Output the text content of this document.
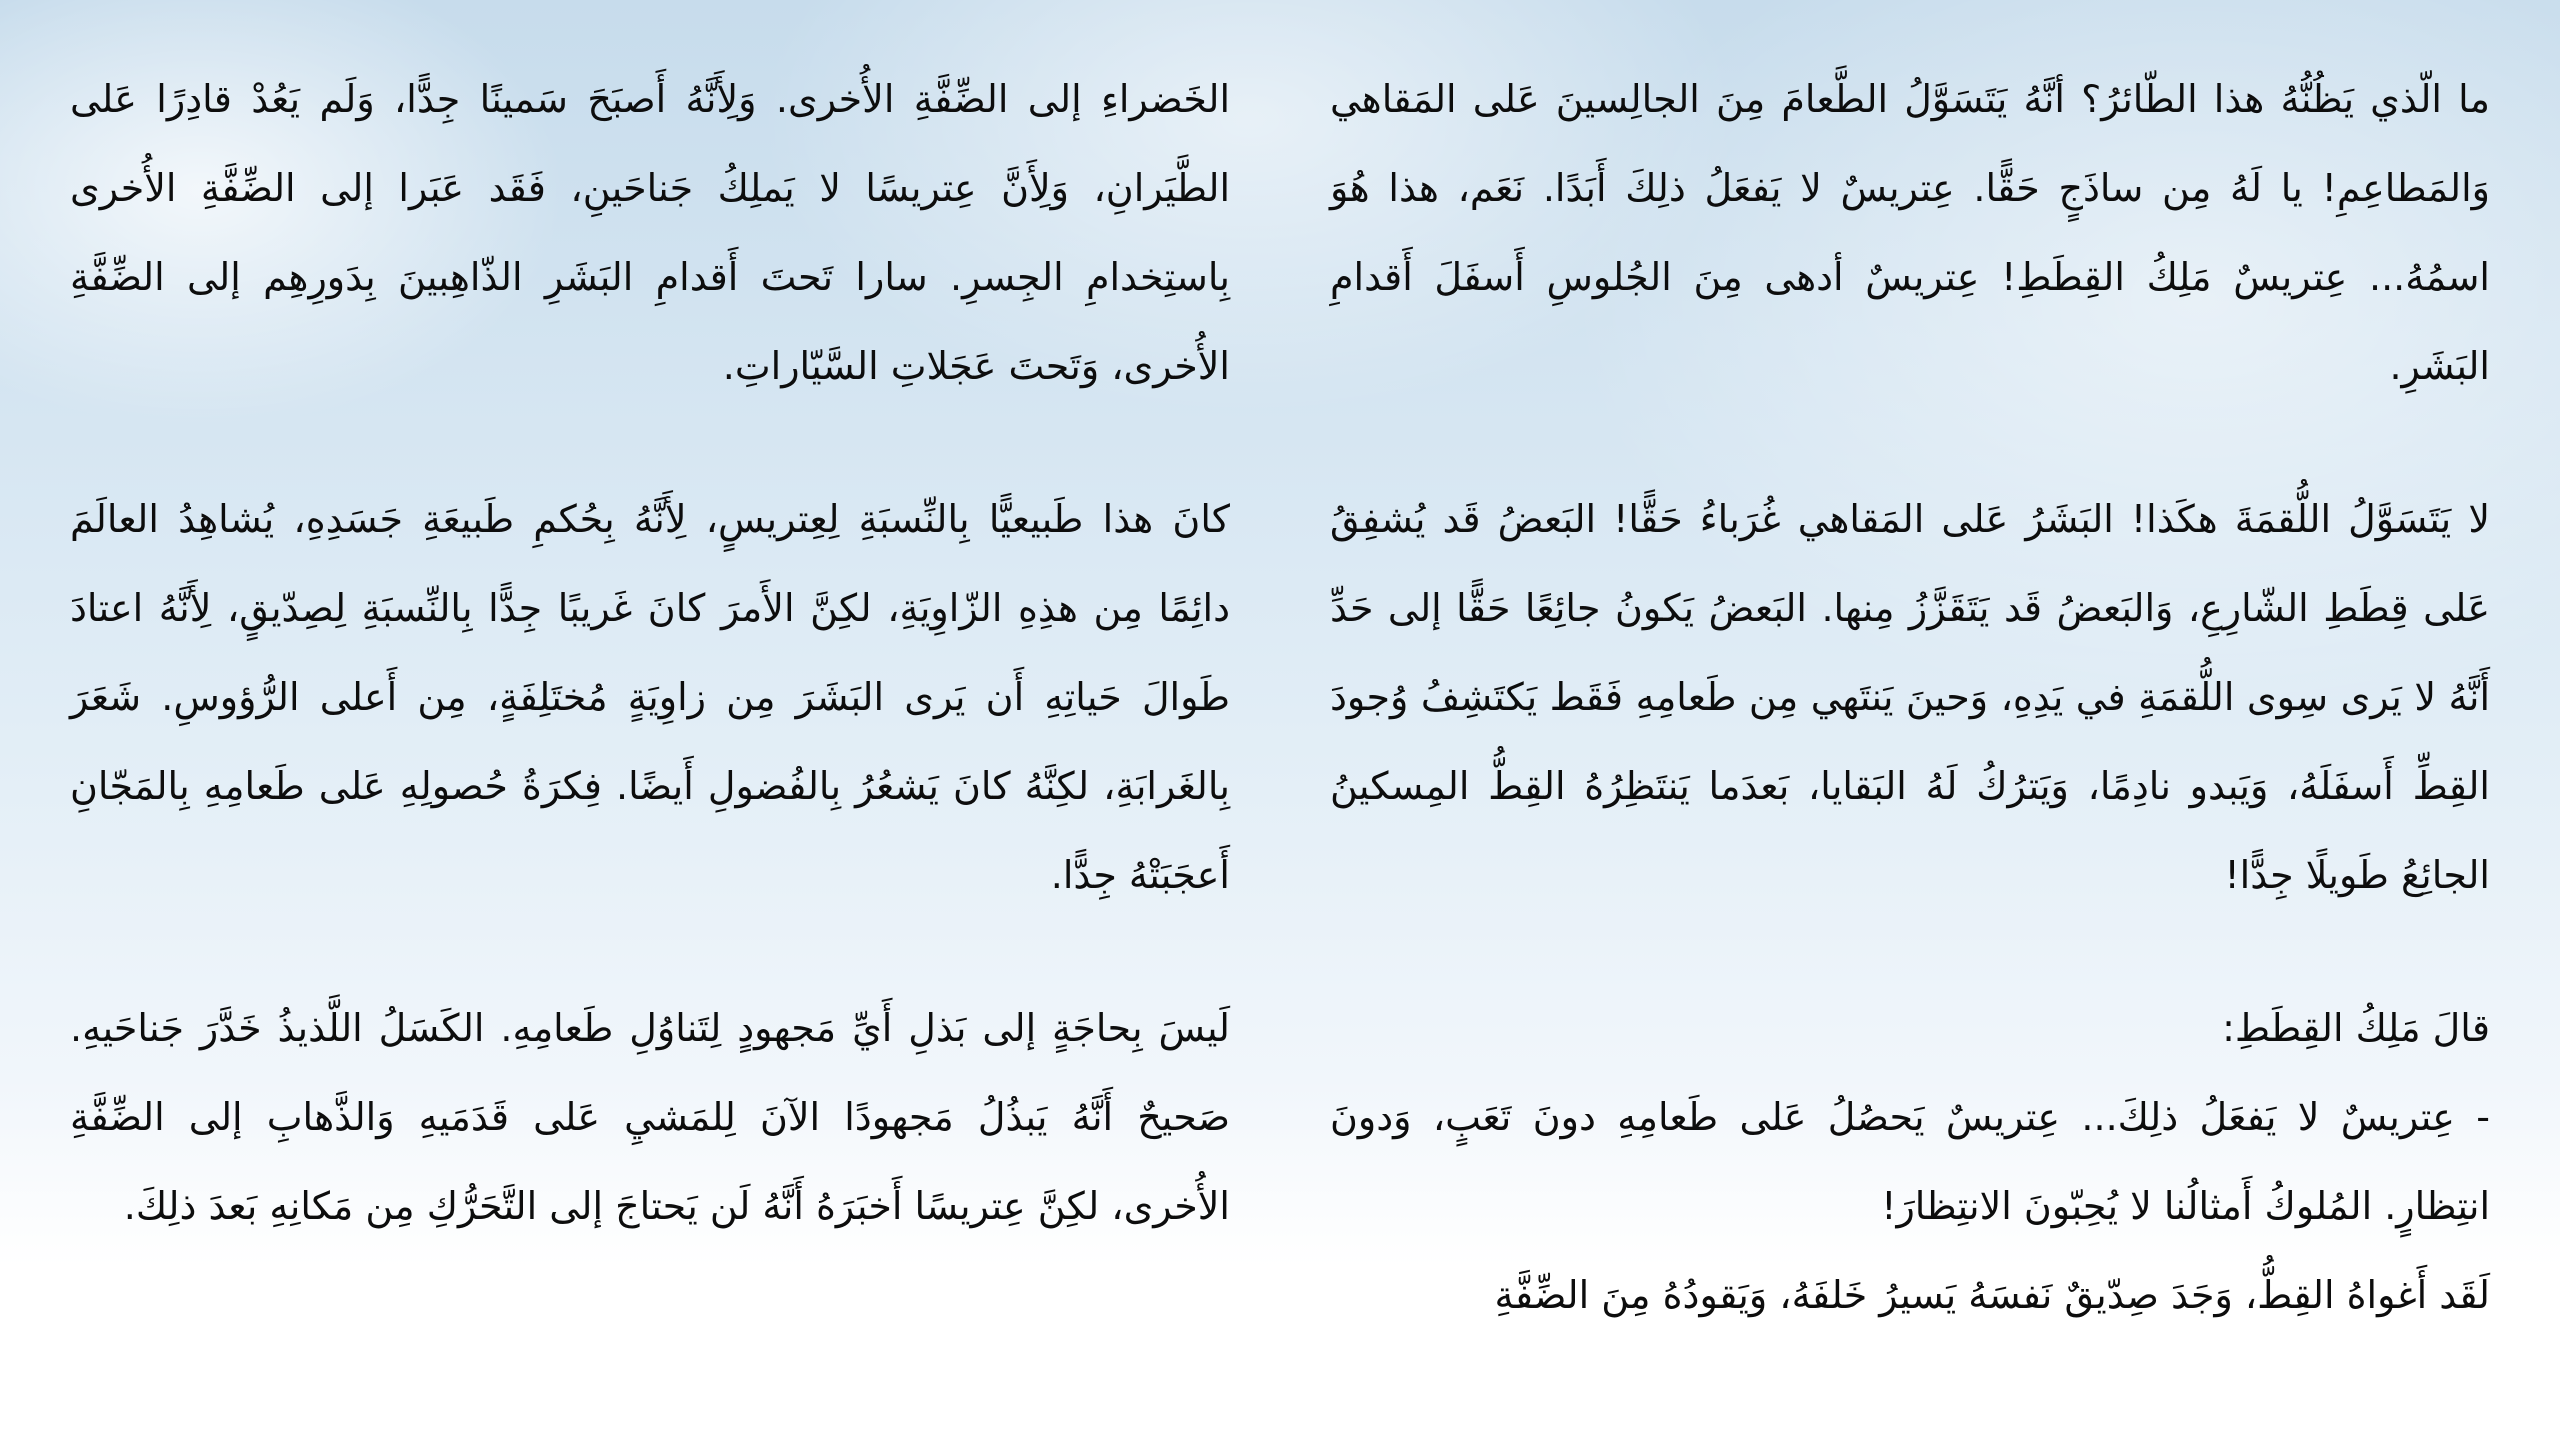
ما الّذي يَظُنُّهُ هذا الطّائرُ؟ أنَّهُ يَتَسَوَّلُ الطَّعامَ مِنَ الجالِسينَ عَلى المَقاهي وَالمَطاعِمِ! يا لَهُ مِن ساذَجٍ حَقًّا. عِتريسٌ لا يَفعَلُ ذلِكَ أَبَدًا. نَعَم، هذا هُوَ اسمُهُ... عِتريسٌ مَلِكُ القِطَطِ! عِتريسٌ أدهى مِنَ الجُلوسِ أَسفَلَ أَقدامِ البَشَرِ.

لا يَتَسَوَّلُ اللُّقمَةَ هكَذا! البَشَرُ عَلى المَقاهي غُرَباءُ حَقًّا! البَعضُ قَد يُشفِقُ عَلى قِطَطِ الشّارِعِ، وَالبَعضُ قَد يَتَقَزَّزُ مِنها. البَعضُ يَكونُ جائِعًا حَقًّا إلى حَدِّ أَنَّهُ لا يَرى سِوى اللُّقمَةِ في يَدِهِ، وَحينَ يَنتَهي مِن طَعامِهِ فَقَط يَكتَشِفُ وُجودَ القِطِّ أَسفَلَهُ، وَيَبدو نادِمًا، وَيَترُكُ لَهُ البَقايا، بَعدَما يَنتَظِرُهُ القِطُّ المِسكينُ الجائِعُ طَويلًا جِدًّا!

قالَ مَلِكُ القِطَطِ:

- عِتريسٌ لا يَفعَلُ ذلِكَ... عِتريسٌ يَحصُلُ عَلى طَعامِهِ دونَ تَعَبٍ، وَدونَ انتِظارٍ. المُلوكُ أَمثالُنا لا يُحِبّونَ الانتِظارَ!

لَقَد أَغواهُ القِطُّ، وَجَدَ صِدّيقٌ نَفسَهُ يَسيرُ خَلفَهُ، وَيَقودُهُ مِنَ الضِّفَّةِ

الخَضراءِ إلى الضِّفَّةِ الأُخرى. وَلِأَنَّهُ أَصبَحَ سَمينًا جِدًّا، وَلَم يَعُدْ قادِرًا عَلى الطَّيَرانِ، وَلِأَنَّ عِتريسًا لا يَملِكُ جَناحَينِ، فَقَد عَبَرا إلى الضِّفَّةِ الأُخرى بِاستِخدامِ الجِسرِ. سارا تَحتَ أَقدامِ البَشَرِ الذّاهِبينَ بِدَورِهِم إلى الضِّفَّةِ الأُخرى، وَتَحتَ عَجَلاتِ السَّيّاراتِ.

كانَ هذا طَبيعيًّا بِالنِّسبَةِ لِعِتريسٍ، لِأَنَّهُ بِحُكمِ طَبيعَةِ جَسَدِهِ، يُشاهِدُ العالَمَ دائِمًا مِن هذِهِ الزّاوِيَةِ، لكِنَّ الأَمرَ كانَ غَريبًا جِدًّا بِالنِّسبَةِ لِصِدّيقٍ، لِأَنَّهُ اعتادَ طَوالَ حَياتِهِ أَن يَرى البَشَرَ مِن زاوِيَةٍ مُختَلِفَةٍ، مِن أَعلى الرُّؤوسِ. شَعَرَ بِالغَرابَةِ، لكِنَّهُ كانَ يَشعُرُ بِالفُضولِ أَيضًا. فِكرَةُ حُصولِهِ عَلى طَعامِهِ بِالمَجّانِ أَعجَبَتْهُ جِدًّا.

لَيسَ بِحاجَةٍ إلى بَذلِ أَيِّ مَجهودٍ لِتَناوُلِ طَعامِهِ. الكَسَلُ اللَّذيذُ خَدَّرَ جَناحَيهِ. صَحيحٌ أَنَّهُ يَبذُلُ مَجهودًا الآنَ لِلمَشيِ عَلى قَدَمَيهِ وَالذَّهابِ إلى الضِّفَّةِ الأُخرى، لكِنَّ عِتريسًا أَخبَرَهُ أَنَّهُ لَن يَحتاجَ إلى التَّحَرُّكِ مِن مَكانِهِ بَعدَ ذلِكَ.
